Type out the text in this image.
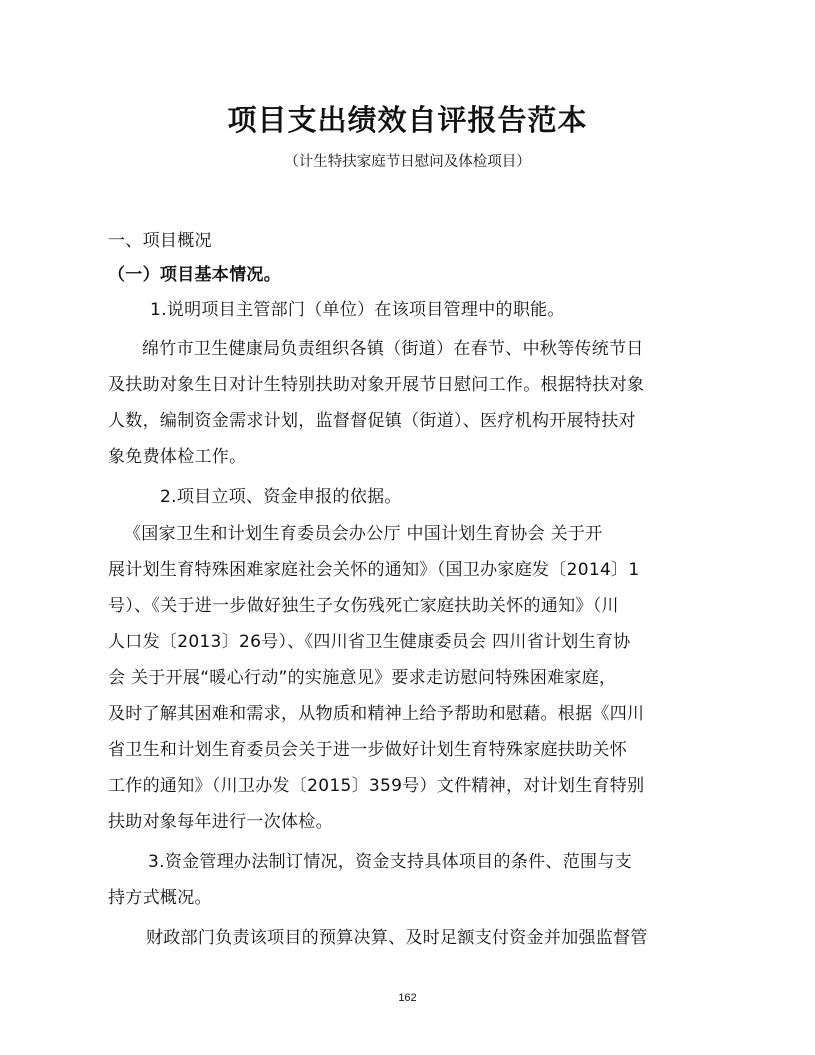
项目支出绩效自评报告范本
（计生特扶家庭节日慰问及体检项目）
一、项目概况
（一）项目基本情况。
1.说明项目主管部门（单位）在该项目管理中的职能。
绵竹市卫生健康局负责组织各镇（街道）在春节、中秋等传统节日
及扶助对象生日对计生特别扶助对象开展节日慰问工作。根据特扶对象
人数，编制资金需求计划，监督督促镇（街道）、医疗机构开展特扶对
象免费体检工作。
2.项目立项、资金申报的依据。
《国家卫生和计划生育委员会办公厅 中国计划生育协会 关于开
展计划生育特殊困难家庭社会关怀的通知》（国卫办家庭发〔2014〕1
号）、《关于进一步做好独生子女伤残死亡家庭扶助关怀的通知》（川
人口发〔2013〕26号）、《四川省卫生健康委员会 四川省计划生育协
会 关于开展“暖心行动”的实施意见》要求走访慰问特殊困难家庭，
及时了解其困难和需求，从物质和精神上给予帮助和慰藉。根据《四川
省卫生和计划生育委员会关于进一步做好计划生育特殊家庭扶助关怀
工作的通知》（川卫办发〔2015〕359号）文件精神，对计划生育特别
扶助对象每年进行一次体检。
3.资金管理办法制订情况，资金支持具体项目的条件、范围与支
持方式概况。
财政部门负责该项目的预算决算、及时足额支付资金并加强监督管
162
